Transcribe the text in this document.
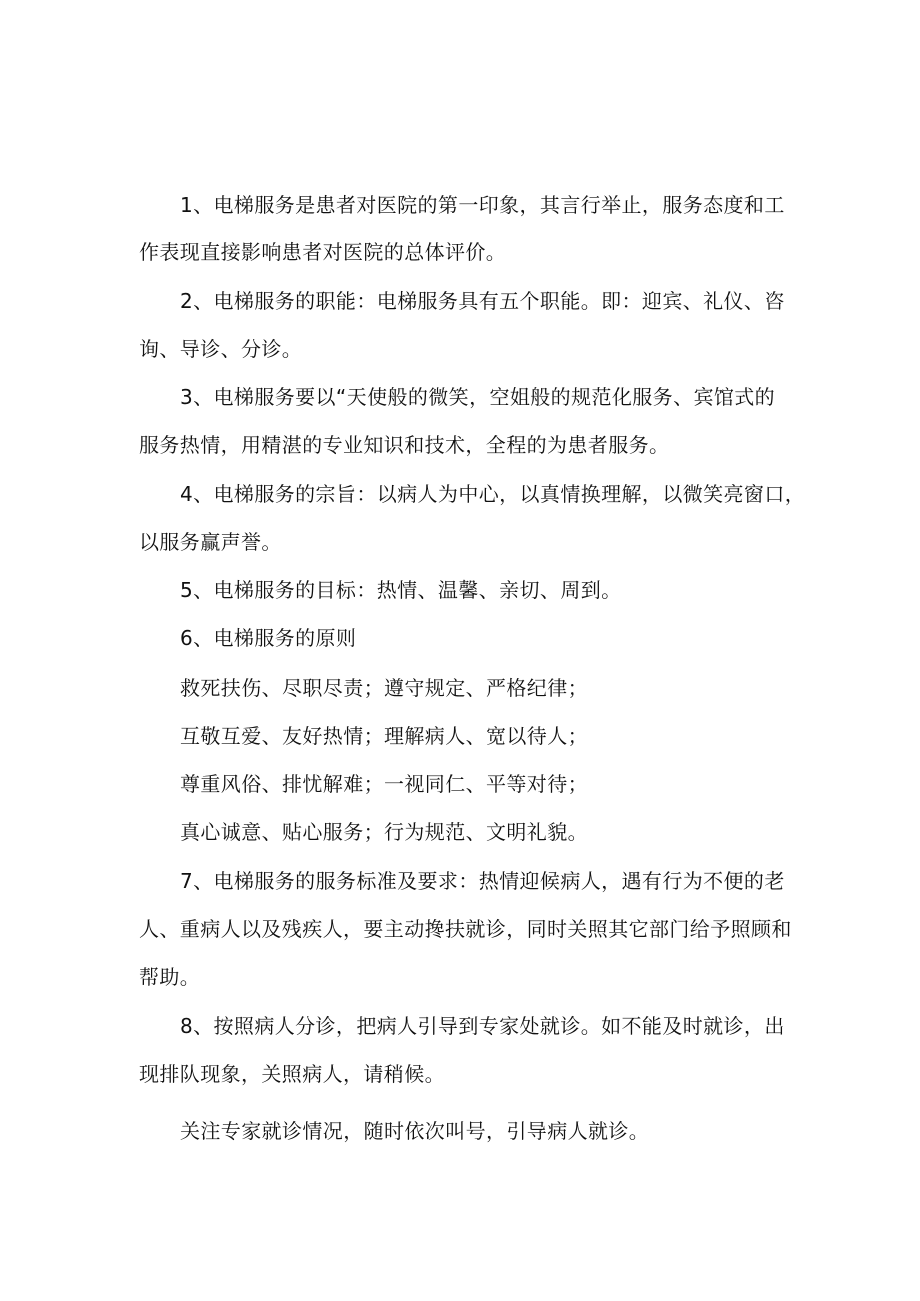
1、电梯服务是患者对医院的第一印象，其言行举止，服务态度和工
作表现直接影响患者对医院的总体评价。
2、电梯服务的职能：电梯服务具有五个职能。即：迎宾、礼仪、咨
询、导诊、分诊。
3、电梯服务要以“天使般的微笑，空姐般的规范化服务、宾馆式的
服务热情，用精湛的专业知识和技术，全程的为患者服务。
4、电梯服务的宗旨：以病人为中心，以真情换理解，以微笑亮窗口，
以服务赢声誉。
5、电梯服务的目标：热情、温馨、亲切、周到。
6、电梯服务的原则
救死扶伤、尽职尽责；遵守规定、严格纪律；
互敬互爱、友好热情；理解病人、宽以待人；
尊重风俗、排忧解难；一视同仁、平等对待；
真心诚意、贴心服务；行为规范、文明礼貌。
7、电梯服务的服务标准及要求：热情迎候病人，遇有行为不便的老
人、重病人以及残疾人，要主动搀扶就诊，同时关照其它部门给予照顾和
帮助。
8、按照病人分诊，把病人引导到专家处就诊。如不能及时就诊，出
现排队现象，关照病人，请稍候。
关注专家就诊情况，随时依次叫号，引导病人就诊。
